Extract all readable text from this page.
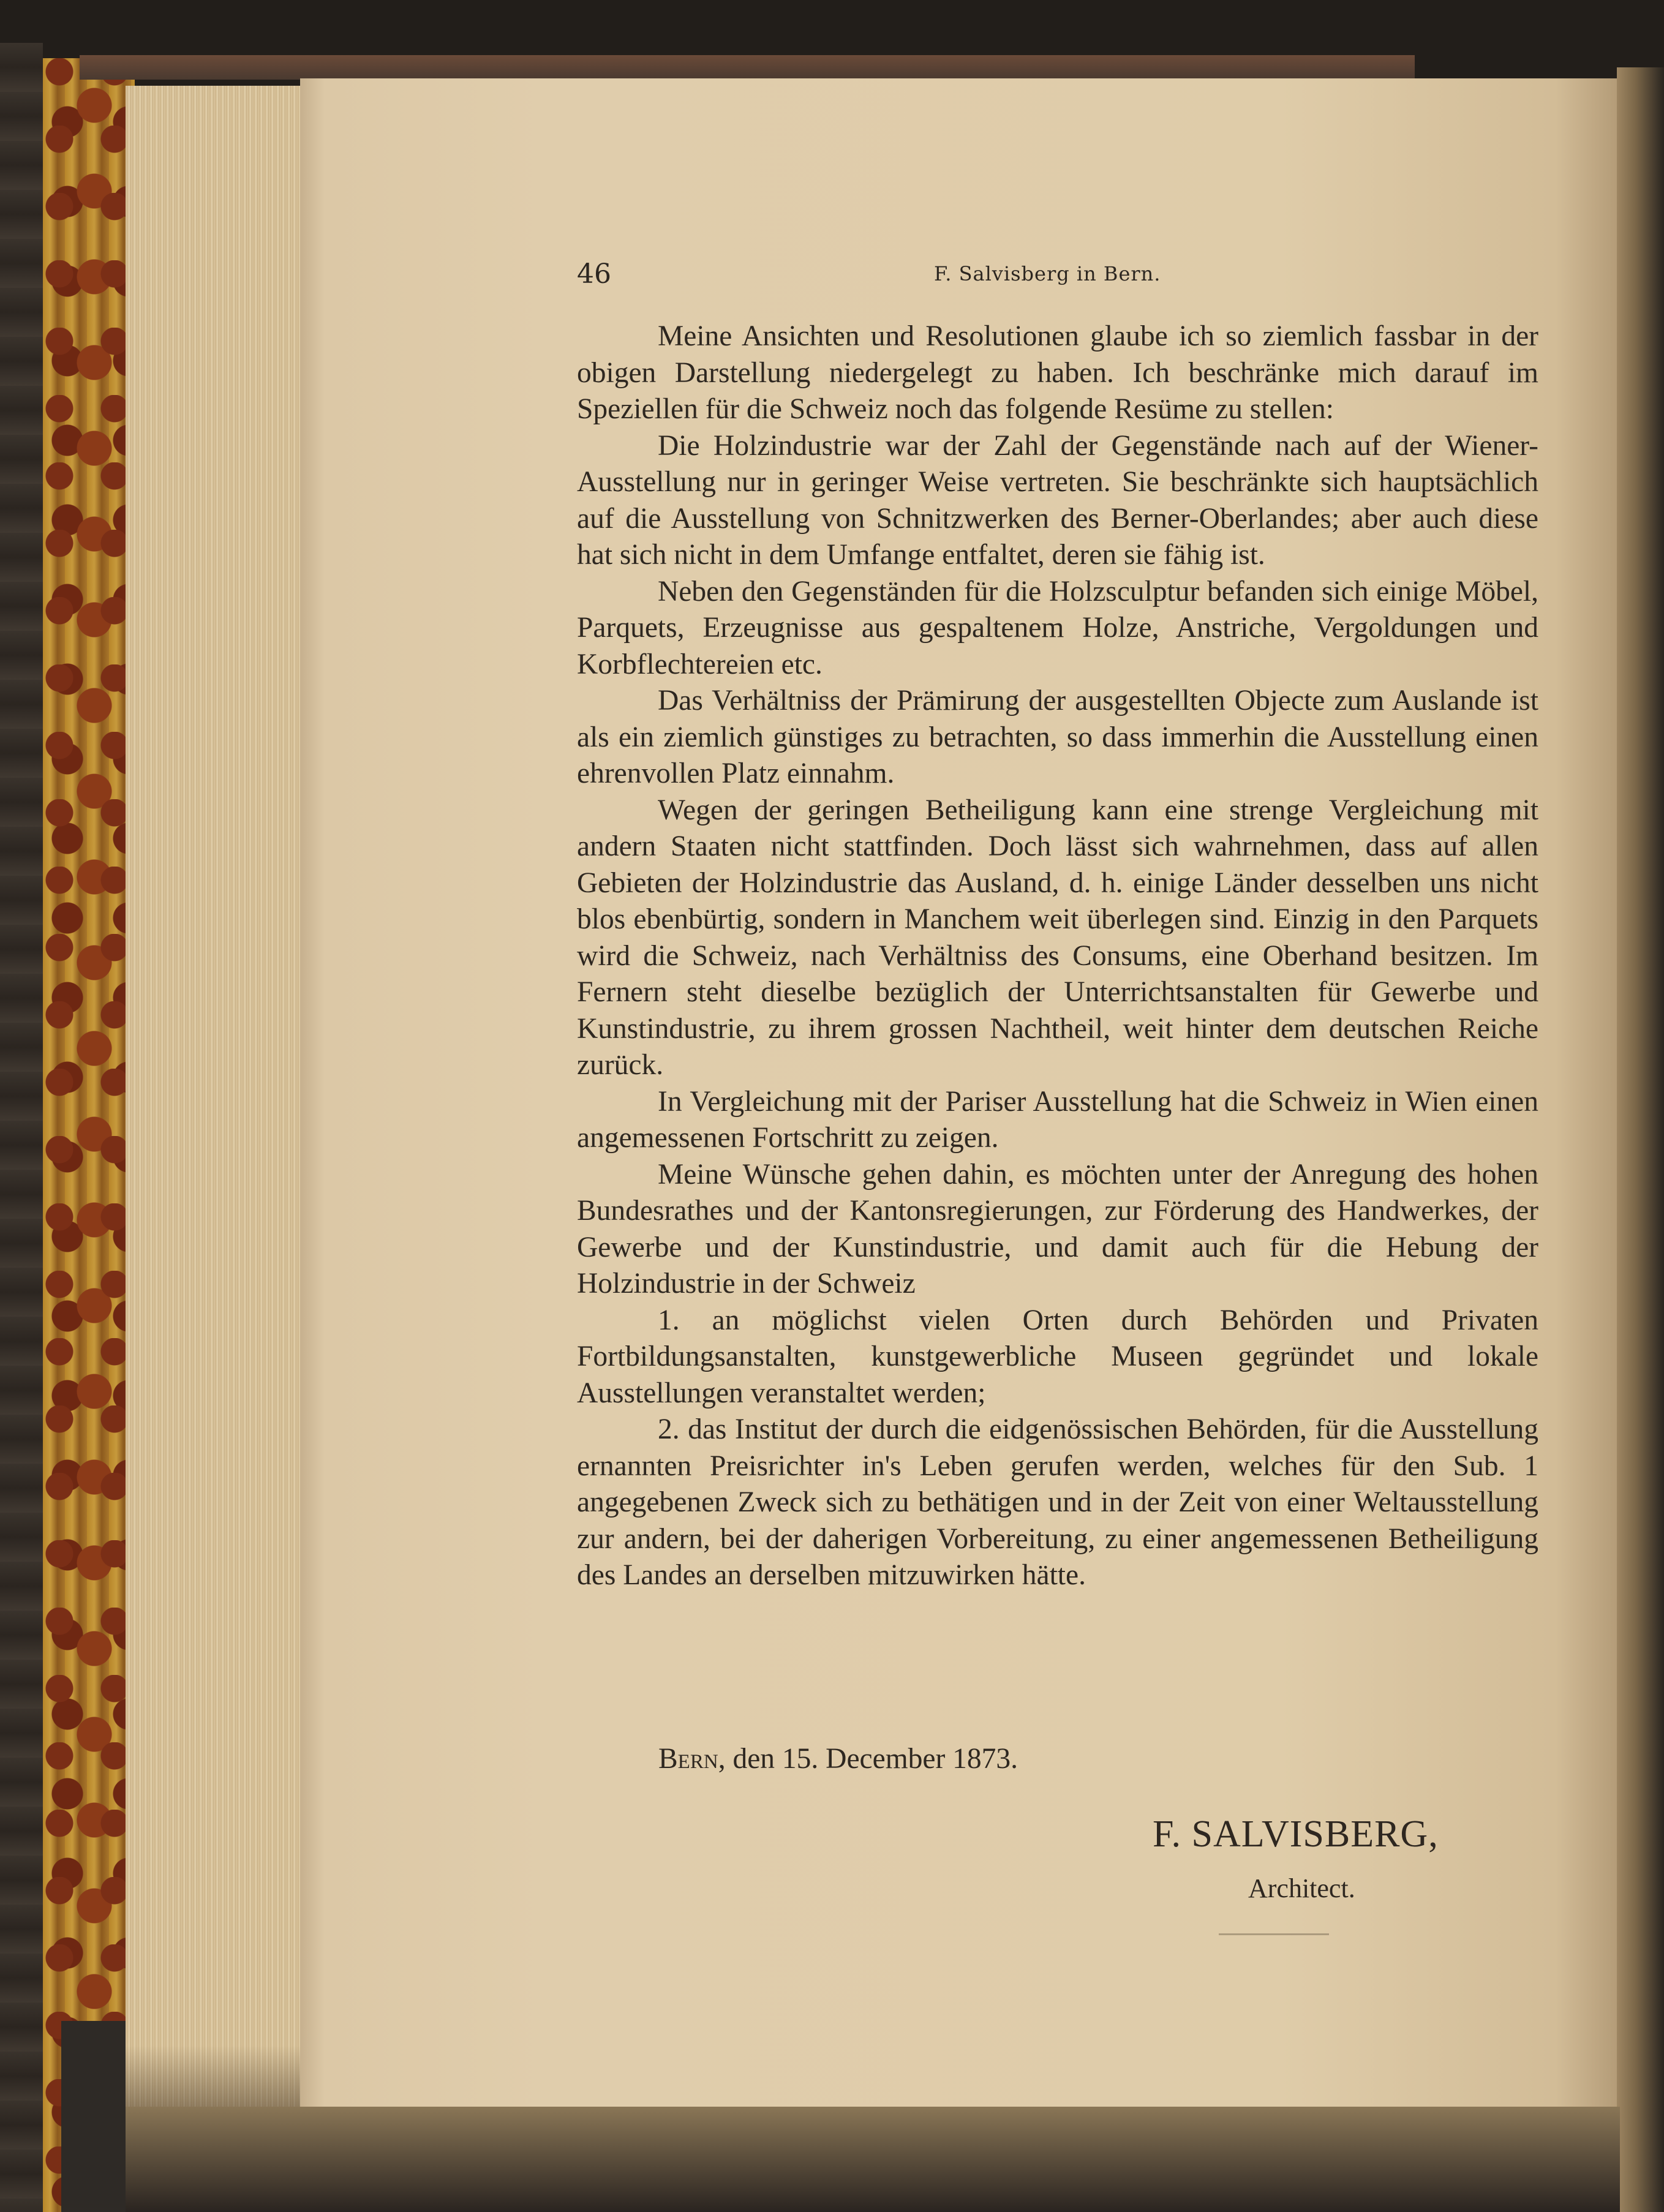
46	F. Salvisberg in Bern.

Meine Ansichten und Resolutionen glaube ich so ziemlich fassbar in der obigen Darstellung niedergelegt zu haben. Ich beschränke mich darauf im Speziellen für die Schweiz noch das folgende Resüme zu stellen:

Die Holzindustrie war der Zahl der Gegenstände nach auf der Wiener-Ausstellung nur in geringer Weise vertreten. Sie beschränkte sich hauptsächlich auf die Ausstellung von Schnitzwerken des Berner-Oberlandes; aber auch diese hat sich nicht in dem Umfange entfaltet, deren sie fähig ist.

Neben den Gegenständen für die Holzsculptur befanden sich einige Möbel, Parquets, Erzeugnisse aus gespaltenem Holze, Anstriche, Vergoldungen und Korbflechtereien etc.

Das Verhältniss der Prämirung der ausgestellten Objecte zum Auslande ist als ein ziemlich günstiges zu betrachten, so dass immerhin die Ausstellung einen ehrenvollen Platz einnahm.

Wegen der geringen Betheiligung kann eine strenge Vergleichung mit andern Staaten nicht stattfinden. Doch lässt sich wahrnehmen, dass auf allen Gebieten der Holzindustrie das Ausland, d. h. einige Länder desselben uns nicht blos ebenbürtig, sondern in Manchem weit überlegen sind. Einzig in den Parquets wird die Schweiz, nach Verhältniss des Consums, eine Oberhand besitzen. Im Fernern steht dieselbe bezüglich der Unterrichtsanstalten für Gewerbe und Kunstindustrie, zu ihrem grossen Nachtheil, weit hinter dem deutschen Reiche zurück.

In Vergleichung mit der Pariser Ausstellung hat die Schweiz in Wien einen angemessenen Fortschritt zu zeigen.

Meine Wünsche gehen dahin, es möchten unter der Anregung des hohen Bundesrathes und der Kantonsregierungen, zur Förderung des Handwerkes, der Gewerbe und der Kunstindustrie, und damit auch für die Hebung der Holzindustrie in der Schweiz

1. an möglichst vielen Orten durch Behörden und Privaten Fortbildungsanstalten, kunstgewerbliche Museen gegründet und lokale Ausstellungen veranstaltet werden;

2. das Institut der durch die eidgenössischen Behörden, für die Ausstellung ernannten Preisrichter in's Leben gerufen werden, welches für den Sub. 1 angegebenen Zweck sich zu bethätigen und in der Zeit von einer Weltausstellung zur andern, bei der daherigen Vorbereitung, zu einer angemessenen Betheiligung des Landes an derselben mitzuwirken hätte.

Bern, den 15. December 1873.
F. SALVISBERG,
Architect.
